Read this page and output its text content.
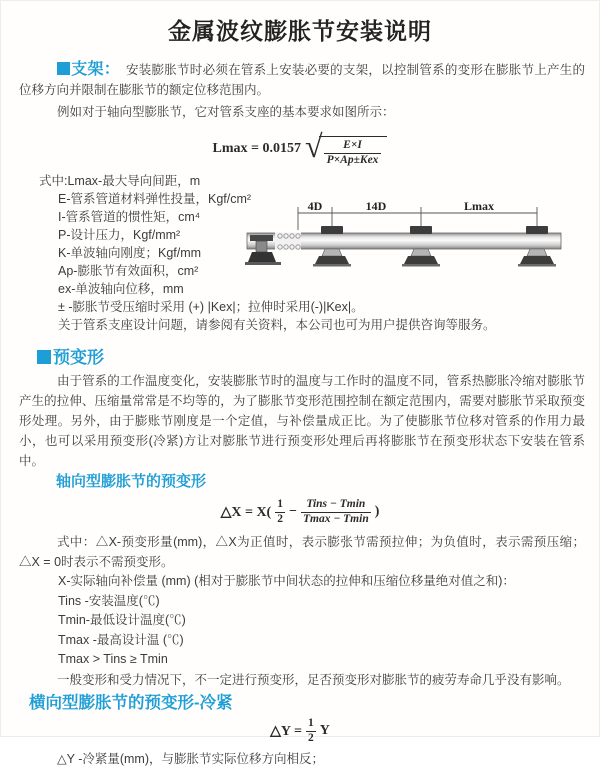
金属波纹膨胀节安装说明

支架： 安装膨胀节时必须在管系上安装必要的支架，以控制管系的变形在膨胀节上产生的位移方向并限制在膨胀节的额定位移范围内。

例如对于轴向型膨胀节，它对管系支座的基本要求如图所示：

Lmax = 0.0157 √ $\frac{E\times I}{\text{P×Ap±Kex}}$
式中:Lmax-最大导向间距，m
E-管系管道材料弹性投量，Kgf/cm²
I-管系管道的惯性矩，cm⁴
P-设计压力，Kgf/mm²
K-单波轴向刚度；Kgf/mm
Ap-膨胀节有效面积，cm²
ex-单波轴向位移，mm
4D	14D	Lmax
± -膨胀节受压缩时采用 (+) |Kex|；拉伸时采用(-)|Kex|。
关于管系支座设计问题，请参阅有关资料，本公司也可为用户提供咨询等服务。
预变形

由于管系的工作温度变化，安装膨胀节时的温度与工作时的温度不同，管系热膨胀冷缩对膨胀节产生的拉伸、压缩量常常是不均等的，为了膨胀节变形范围控制在额定范围内，需要对膨胀节采取预变形处理。另外，由于膨账节刚度是一个定值，与补偿量成正比。为了使膨胀节位移对管系的作用力最小，也可以采用预变形(冷紧)方让对膨胀节进行预变形处理后再将膨胀节在预变形状态下安装在管系中。

轴向型膨胀节的预变形
△X = $X( \frac{1}{2}$ − Tins − Tmin
Tmax − Tmin )

式中：△X-预变形量(mm)，△X为正值时，表示膨张节需预拉伸；为负值时，表示需预压缩；△X = 0时表示不需预变形。

X-实际轴向补偿量 (mm) (相对于膨胀节中间状态的拉伸和压缩位移量绝对值之和)：
Tins -安装温度(℃)
Tmin-最低设计温度(℃)
Tmax -最高设计温 (℃)
Tmax > Tins ≥ Tmin

一般变形和受力情况下，不一定进行预变形，足否预变形对膨胀节的疲劳寿命几乎没有影响。

横向型膨胀节的预变形-冷紧
△Y = $\frac{1}{2}$ Y

△Y -冷紧量(mm)，与膨胀节实际位移方向相反；
